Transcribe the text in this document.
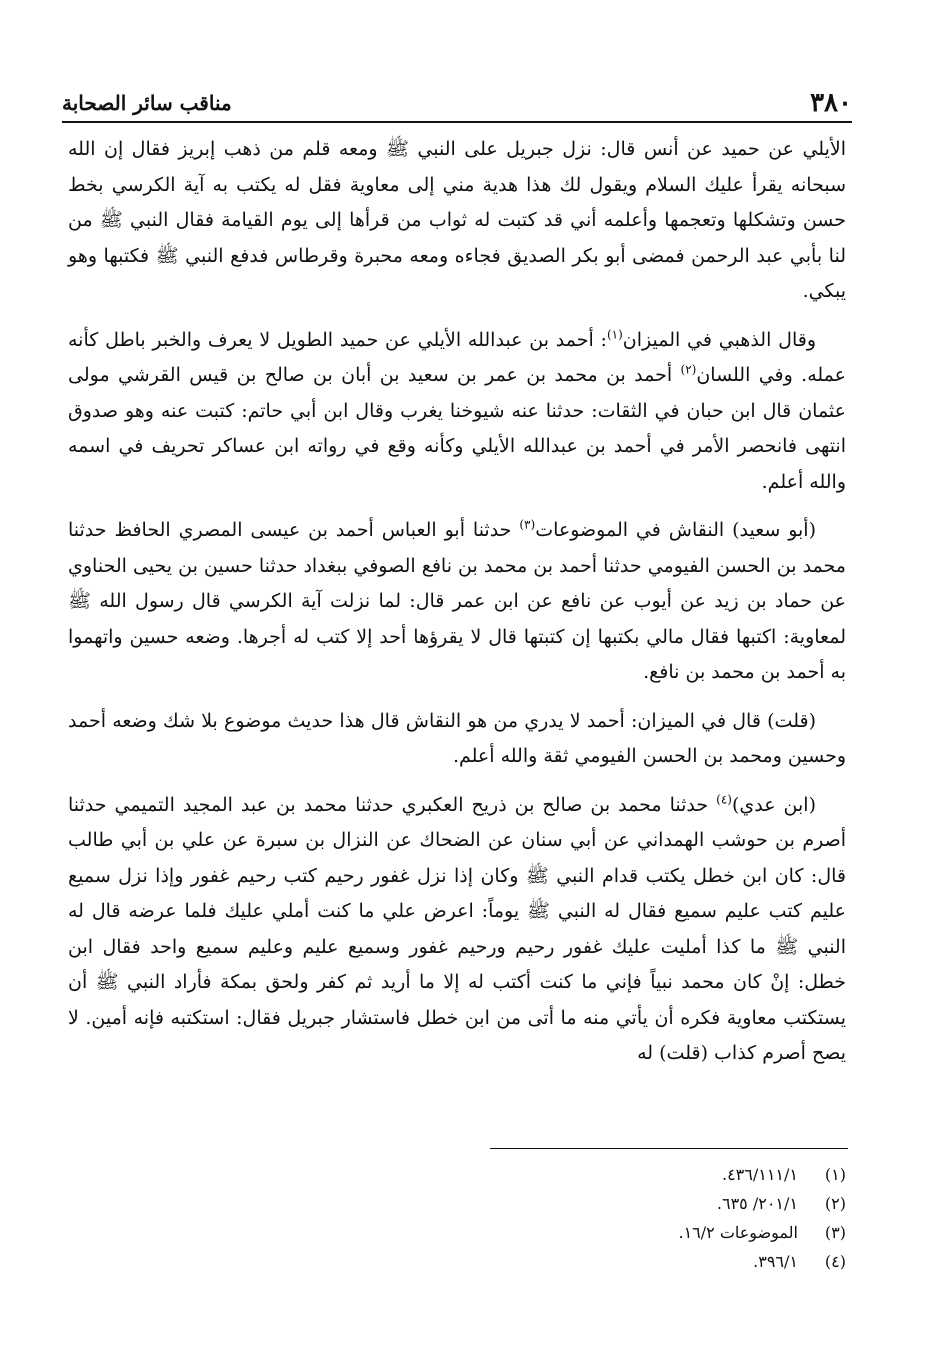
٣٨٠
مناقب سائر الصحابة

الأيلي عن حميد عن أنس قال: نزل جبريل على النبي ﷺ ومعه قلم من ذهب إبريز فقال إن الله سبحانه يقرأ عليك السلام ويقول لك هذا هدية مني إلى معاوية فقل له يكتب به آية الكرسي بخط حسن وتشكلها وتعجمها وأعلمه أني قد كتبت له ثواب من قرأها إلى يوم القيامة فقال النبي ﷺ من لنا بأبي عبد الرحمن فمضى أبو بكر الصديق فجاءه ومعه محبرة وقرطاس فدفع النبي ﷺ فكتبها وهو يبكي.

وقال الذهبي في الميزان$^{(١)}$: أحمد بن عبدالله الأيلي عن حميد الطويل لا يعرف والخبر باطل كأنه عمله. وفي اللسان$^{(٢)}$ أحمد بن محمد بن عمر بن سعيد بن أبان بن صالح بن قيس القرشي مولى عثمان قال ابن حبان في الثقات: حدثنا عنه شيوخنا يغرب وقال ابن أبي حاتم: كتبت عنه وهو صدوق انتهى فانحصر الأمر في أحمد بن عبدالله الأيلي وكأنه وقع في رواته ابن عساكر تحريف في اسمه والله أعلم.

(أبو سعيد) النقاش في الموضوعات$^{(٣)}$ حدثنا أبو العباس أحمد بن عيسى المصري الحافظ حدثنا محمد بن الحسن الفيومي حدثنا أحمد بن محمد بن نافع الصوفي ببغداد حدثنا حسين بن يحيى الحناوي عن حماد بن زيد عن أيوب عن نافع عن ابن عمر قال: لما نزلت آية الكرسي قال رسول الله ﷺ لمعاوية: اكتبها فقال مالي بكتبها إن كتبتها قال لا يقرؤها أحد إلا كتب له أجرها. وضعه حسين واتهموا به أحمد بن محمد بن نافع.

(قلت) قال في الميزان: أحمد لا يدري من هو النقاش قال هذا حديث موضوع بلا شك وضعه أحمد وحسين ومحمد بن الحسن الفيومي ثقة والله أعلم.

(ابن عدي)$^{(٤)}$ حدثنا محمد بن صالح بن ذريح العكبري حدثنا محمد بن عبد المجيد التميمي حدثنا أصرم بن حوشب الهمداني عن أبي سنان عن الضحاك عن النزال بن سبرة عن علي بن أبي طالب قال: كان ابن خطل يكتب قدام النبي ﷺ وكان إذا نزل غفور رحيم كتب رحيم غفور وإذا نزل سميع عليم كتب عليم سميع فقال له النبي ﷺ يوماً: اعرض علي ما كنت أملي عليك فلما عرضه قال له النبي ﷺ ما كذا أمليت عليك غفور رحيم ورحيم غفور وسميع عليم وعليم سميع واحد فقال ابن خطل: إنْ كان محمد نبياً فإني ما كنت أكتب له إلا ما أريد ثم كفر ولحق بمكة فأراد النبي ﷺ أن يستكتب معاوية فكره أن يأتي منه ما أتى من ابن خطل فاستشار جبريل فقال: استكتبه فإنه أمين. لا يصح أصرم كذاب (قلت) له

(١)
٤٣٦/١١١/١.
(٢)
٢٠١/١/ ٦٣٥.
(٣)
الموضوعات ١٦/٢.
(٤)
٣٩٦/١.
